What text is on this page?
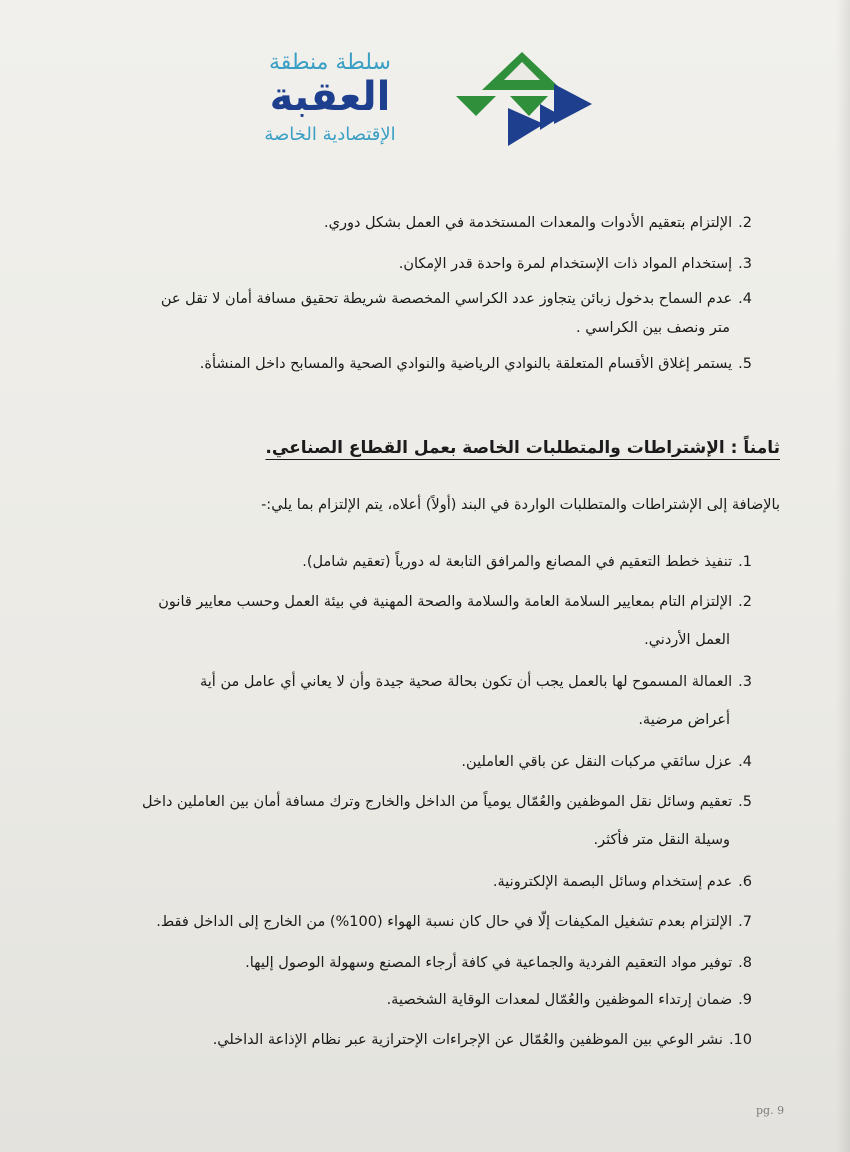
سلطة منطقة
العقبة
الإقتصادية الخاصة
2.الإلتزام بتعقيم الأدوات والمعدات المستخدمة في العمل بشكل دوري.
3.إستخدام المواد ذات الإستخدام لمرة واحدة قدر الإمكان.
4.عدم السماح بدخول زبائن يتجاوز عدد الكراسي المخصصة شريطة تحقيق مسافة أمان لا تقل عن
متر ونصف بين الكراسي .
5.يستمر إغلاق الأقسام المتعلقة بالنوادي الرياضية والنوادي الصحية والمسابح داخل المنشأة.
ثامناً : الإشتراطات والمتطلبات الخاصة بعمل القطاع الصناعي.
بالإضافة إلى الإشتراطات والمتطلبات الواردة في البند (أولاً) أعلاه، يتم الإلتزام بما يلي:-
1.تنفيذ خطط التعقيم في المصانع والمرافق التابعة له دورياً (تعقيم شامل).
2.الإلتزام التام بمعايير السلامة العامة والسلامة والصحة المهنية في بيئة العمل وحسب معايير قانون
العمل الأردني.
3.العمالة المسموح لها بالعمل يجب أن تكون بحالة صحية جيدة وأن لا يعاني أي عامل من أية
أعراض مرضية.
4.عزل سائقي مركبات النقل عن باقي العاملين.
5.تعقيم وسائل نقل الموظفين والعُمّال يومياً من الداخل والخارج وترك مسافة أمان بين العاملين داخل
وسيلة النقل متر فأكثر.
6.عدم إستخدام وسائل البصمة الإلكترونية.
7.الإلتزام بعدم تشغيل المكيفات إلّا في حال كان نسبة الهواء (100%) من الخارج إلى الداخل فقط.
8.توفير مواد التعقيم الفردية والجماعية في كافة أرجاء المصنع وسهولة الوصول إليها.
9.ضمان إرتداء الموظفين والعُمّال لمعدات الوقاية الشخصية.
10.نشر الوعي بين الموظفين والعُمّال عن الإجراءات الإحترازية عبر نظام الإذاعة الداخلي.
pg. 9
